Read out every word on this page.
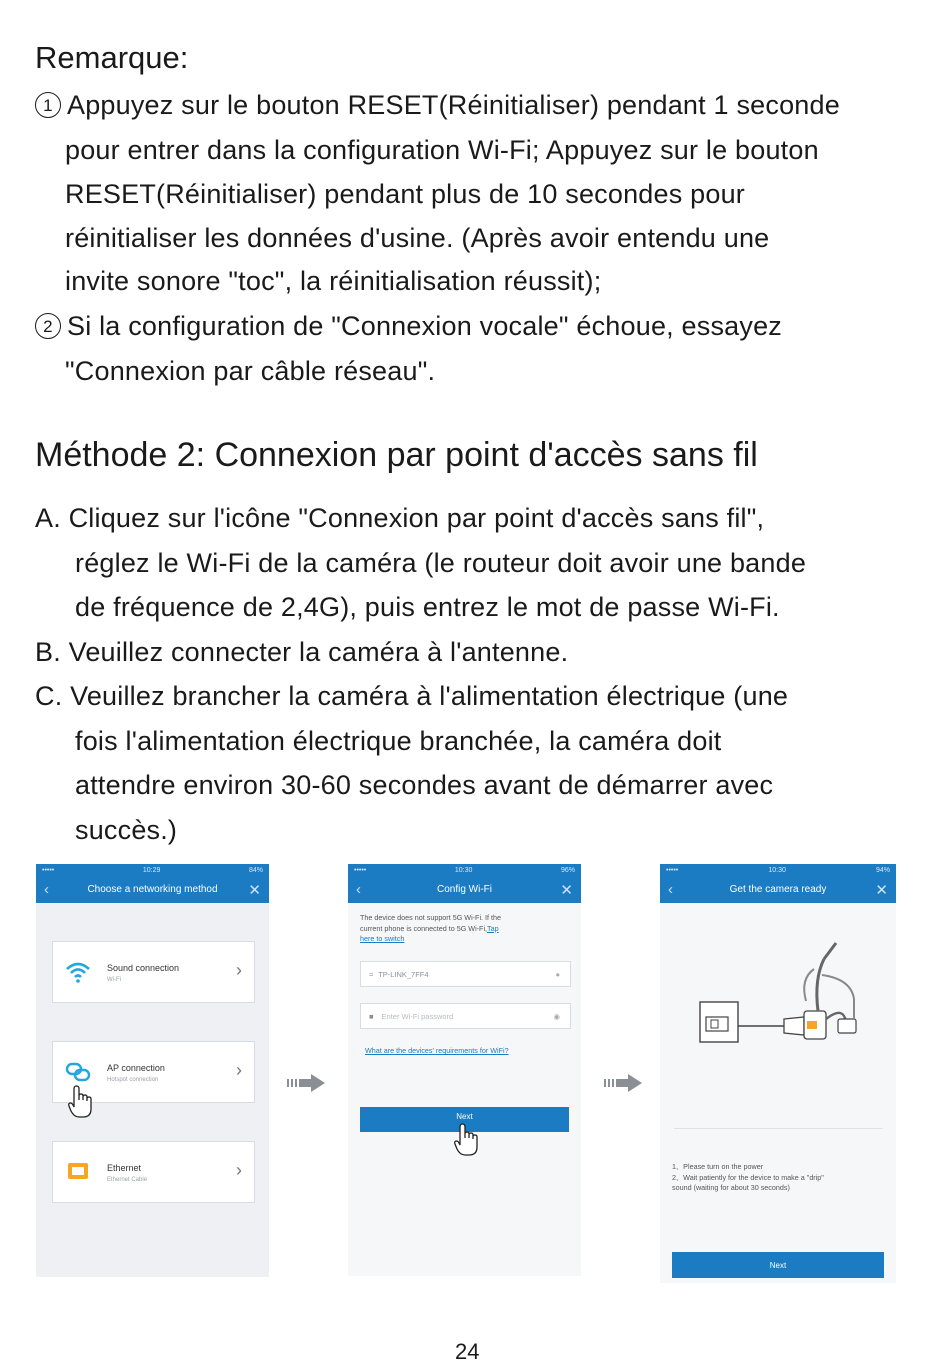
Remarque:
1 Appuyez sur le bouton RESET(Réinitialiser) pendant 1 seconde
pour entrer dans la configuration Wi-Fi; Appuyez sur le bouton
RESET(Réinitialiser) pendant plus de 10 secondes pour
réinitialiser les données d'usine. (Après avoir entendu une
invite sonore "toc", la réinitialisation réussit);
2 Si la configuration de "Connexion vocale" échoue, essayez
"Connexion par câble réseau".
Méthode 2: Connexion par point d'accès sans fil
A. Cliquez sur l'icône "Connexion par point d'accès sans fil",
réglez le Wi-Fi de la caméra (le routeur doit avoir une bande
de fréquence de 2,4G), puis entrez le mot de passe Wi-Fi.
B. Veuillez connecter la caméra à l'antenne.
C. Veuillez brancher la caméra à l'alimentation électrique (une
fois l'alimentation électrique branchée, la caméra doit
attendre environ 30-60 secondes avant de démarrer avec
succès.)
•••••	10:29	84%
‹	Choose a networking method ✕
Sound connection
Wi-Fi	›
AP connection
Hotspot connection	›
Ethernet
Ethernet Cable	›
•••••	10:30	96%
‹	Config Wi-Fi	✕
The device does not support 5G Wi-Fi. If the
current phone is connected to 5G Wi-Fi,Tap
here to switch
≈ TP-LINK_7FF4	●
■ Enter Wi-Fi password	◉
What are the devices' requirements for WiFi?
Next
•••••	10:30	94%
‹	Get the camera ready	✕
1、Please turn on the power
2、Wait patiently for the device to make a "drip"
sound (waiting for about 30 seconds)
Next
24
